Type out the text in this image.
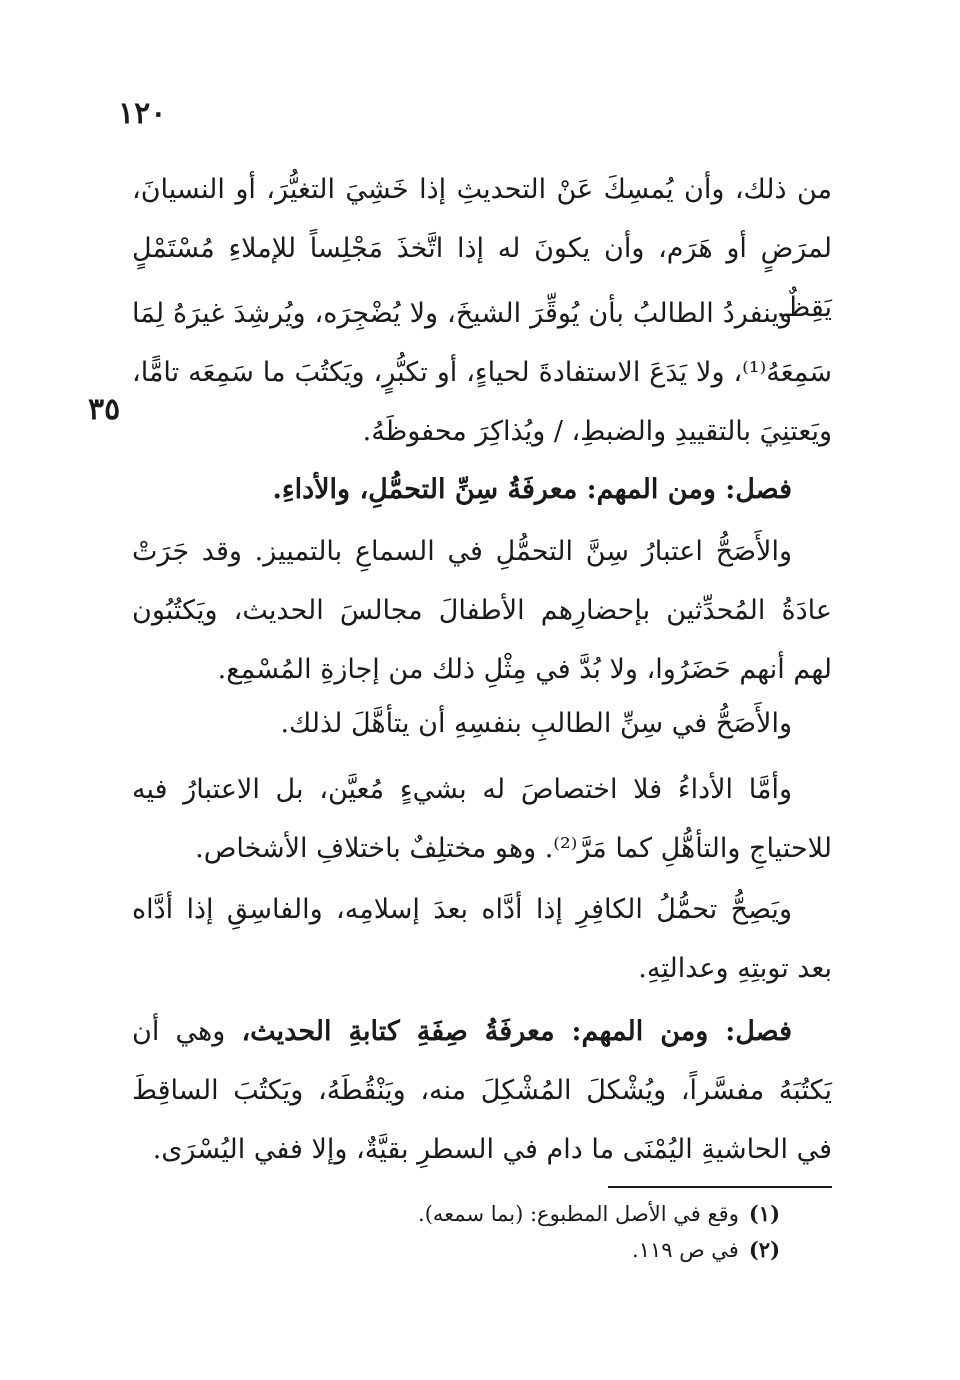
١٢٠
٣٥

من ذلك، وأن يُمسِكَ عَنْ التحديثِ إذا خَشِيَ التغيُّرَ، أو النسيانَ، لمرَضٍ أو هَرَم، وأن يكونَ له إذا اتَّخذَ مَجْلِساً للإملاءِ مُسْتَمْلٍ يَقِظٌ.

وينفردُ الطالبُ بأن يُوقِّرَ الشيخَ، ولا يُضْجِرَه، ويُرشِدَ غيرَهُ لِمَا سَمِعَهُ⁽¹⁾، ولا يَدَعَ الاستفادةَ لحياءٍ، أو تكبُّرٍ، ويَكتُبَ ما سَمِعَه تامًّا، ويَعتنِيَ بالتقييدِ والضبطِ، / ويُذاكِرَ محفوظَهُ.

فصل: ومن المهم: معرفَةُ سِنِّ التحمُّلِ، والأداءِ.

والأَصَحُّ اعتبارُ سِنَّ التحمُّلِ في السماعِ بالتمييز. وقد جَرَتْ عادَةُ المُحدِّثين بإحضارِهم الأطفالَ مجالسَ الحديث، ويَكتُبُون لهم أنهم حَضَرُوا، ولا بُدَّ في مِثْلِ ذلك من إجازةِ المُسْمِع.

والأَصَحُّ في سِنِّ الطالبِ بنفسِهِ أن يتأهَّلَ لذلك.

وأمَّا الأداءُ فلا اختصاصَ له بشيءٍ مُعيَّن، بل الاعتبارُ فيه للاحتياجِ والتأهُّلِ كما مَرَّ⁽²⁾. وهو مختلِفٌ باختلافِ الأشخاص.

ويَصِحُّ تحمُّلُ الكافِرِ إذا أدَّاه بعدَ إسلامِه، والفاسِقِ إذا أدَّاه بعد توبتِهِ وعدالتِهِ.

فصل: ومن المهم: معرفَةُ صِفَةِ كتابةِ الحديث، وهي أن يَكتُبَهُ مفسَّراً، ويُشْكلَ المُشْكِلَ منه، ويَنْقُطَهُ، ويَكتُبَ الساقِطَ في الحاشيةِ اليُمْنَى ما دام في السطرِ بقيَّةٌ، وإلا ففي اليُسْرَى.

(١)وقع في الأصل المطبوع: (بما سمعه).

(٢)في ص ١١٩.
